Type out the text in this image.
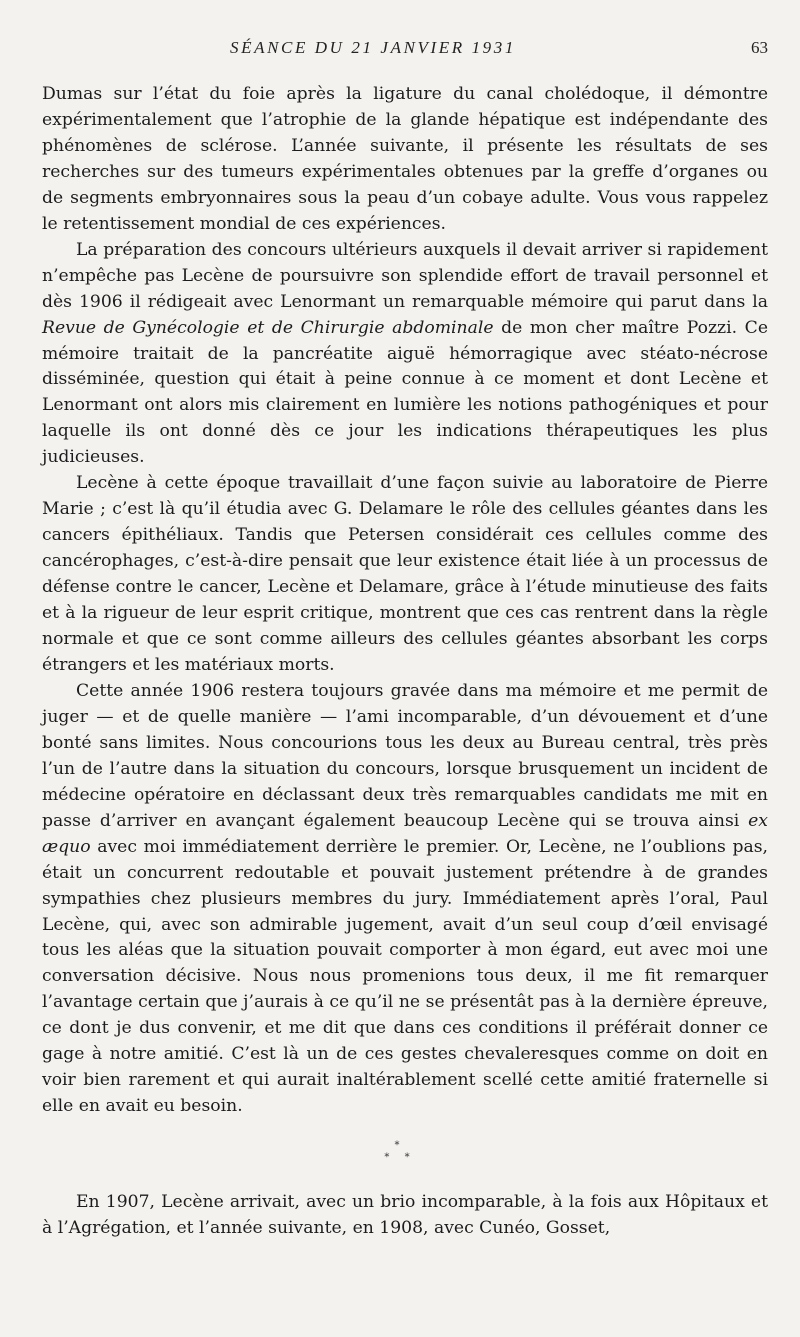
SÉANCE DU 21 JANVIER 1931	63

Dumas sur l’état du foie après la ligature du canal cholédoque, il démontre expérimentalement que l’atrophie de la glande hépatique est indépendante des phénomènes de sclérose. L’année suivante, il présente les résultats de ses recherches sur des tumeurs expérimentales obtenues par la greffe d’organes ou de segments embryonnaires sous la peau d’un cobaye adulte. Vous vous rappelez le retentissement mondial de ces expériences.

La préparation des concours ultérieurs auxquels il devait arriver si rapidement n’empêche pas Lecène de poursuivre son splendide effort de travail personnel et dès 1906 il rédigeait avec Lenormant un remarquable mémoire qui parut dans la Revue de Gynécologie et de Chirurgie abdominale de mon cher maître Pozzi. Ce mémoire traitait de la pancréatite aiguë hémorragique avec stéato-nécrose disséminée, question qui était à peine connue à ce moment et dont Lecène et Lenormant ont alors mis clairement en lumière les notions pathogéniques et pour laquelle ils ont donné dès ce jour les indications thérapeutiques les plus judicieuses.

Lecène à cette époque travaillait d’une façon suivie au laboratoire de Pierre Marie ; c’est là qu’il étudia avec G. Delamare le rôle des cellules géantes dans les cancers épithéliaux. Tandis que Petersen considérait ces cellules comme des cancérophages, c’est-à-dire pensait que leur existence était liée à un processus de défense contre le cancer, Lecène et Delamare, grâce à l’étude minutieuse des faits et à la rigueur de leur esprit critique, montrent que ces cas rentrent dans la règle normale et que ce sont comme ailleurs des cellules géantes absorbant les corps étrangers et les matériaux morts.

Cette année 1906 restera toujours gravée dans ma mémoire et me permit de juger — et de quelle manière — l’ami incomparable, d’un dévouement et d’une bonté sans limites. Nous concourions tous les deux au Bureau central, très près l’un de l’autre dans la situation du concours, lorsque brusquement un incident de médecine opératoire en déclassant deux très remarquables candidats me mit en passe d’arriver en avançant également beaucoup Lecène qui se trouva ainsi ex æquo avec moi immédiatement derrière le premier. Or, Lecène, ne l’oublions pas, était un concurrent redoutable et pouvait justement prétendre à de grandes sympathies chez plusieurs membres du jury. Immédiatement après l’oral, Paul Lecène, qui, avec son admirable jugement, avait d’un seul coup d’œil envisagé tous les aléas que la situation pouvait comporter à mon égard, eut avec moi une conversation décisive. Nous nous promenions tous deux, il me fit remarquer l’avantage certain que j’aurais à ce qu’il ne se présentât pas à la dernière épreuve, ce dont je dus convenir, et me dit que dans ces conditions il préférait donner ce gage à notre amitié. C’est là un de ces gestes chevaleresques comme on doit en voir bien rarement et qui aurait inaltérablement scellé cette amitié fraternelle si elle en avait eu besoin.

*
* *

En 1907, Lecène arrivait, avec un brio incomparable, à la fois aux Hôpitaux et à l’Agrégation, et l’année suivante, en 1908, avec Cunéo, Gosset,
